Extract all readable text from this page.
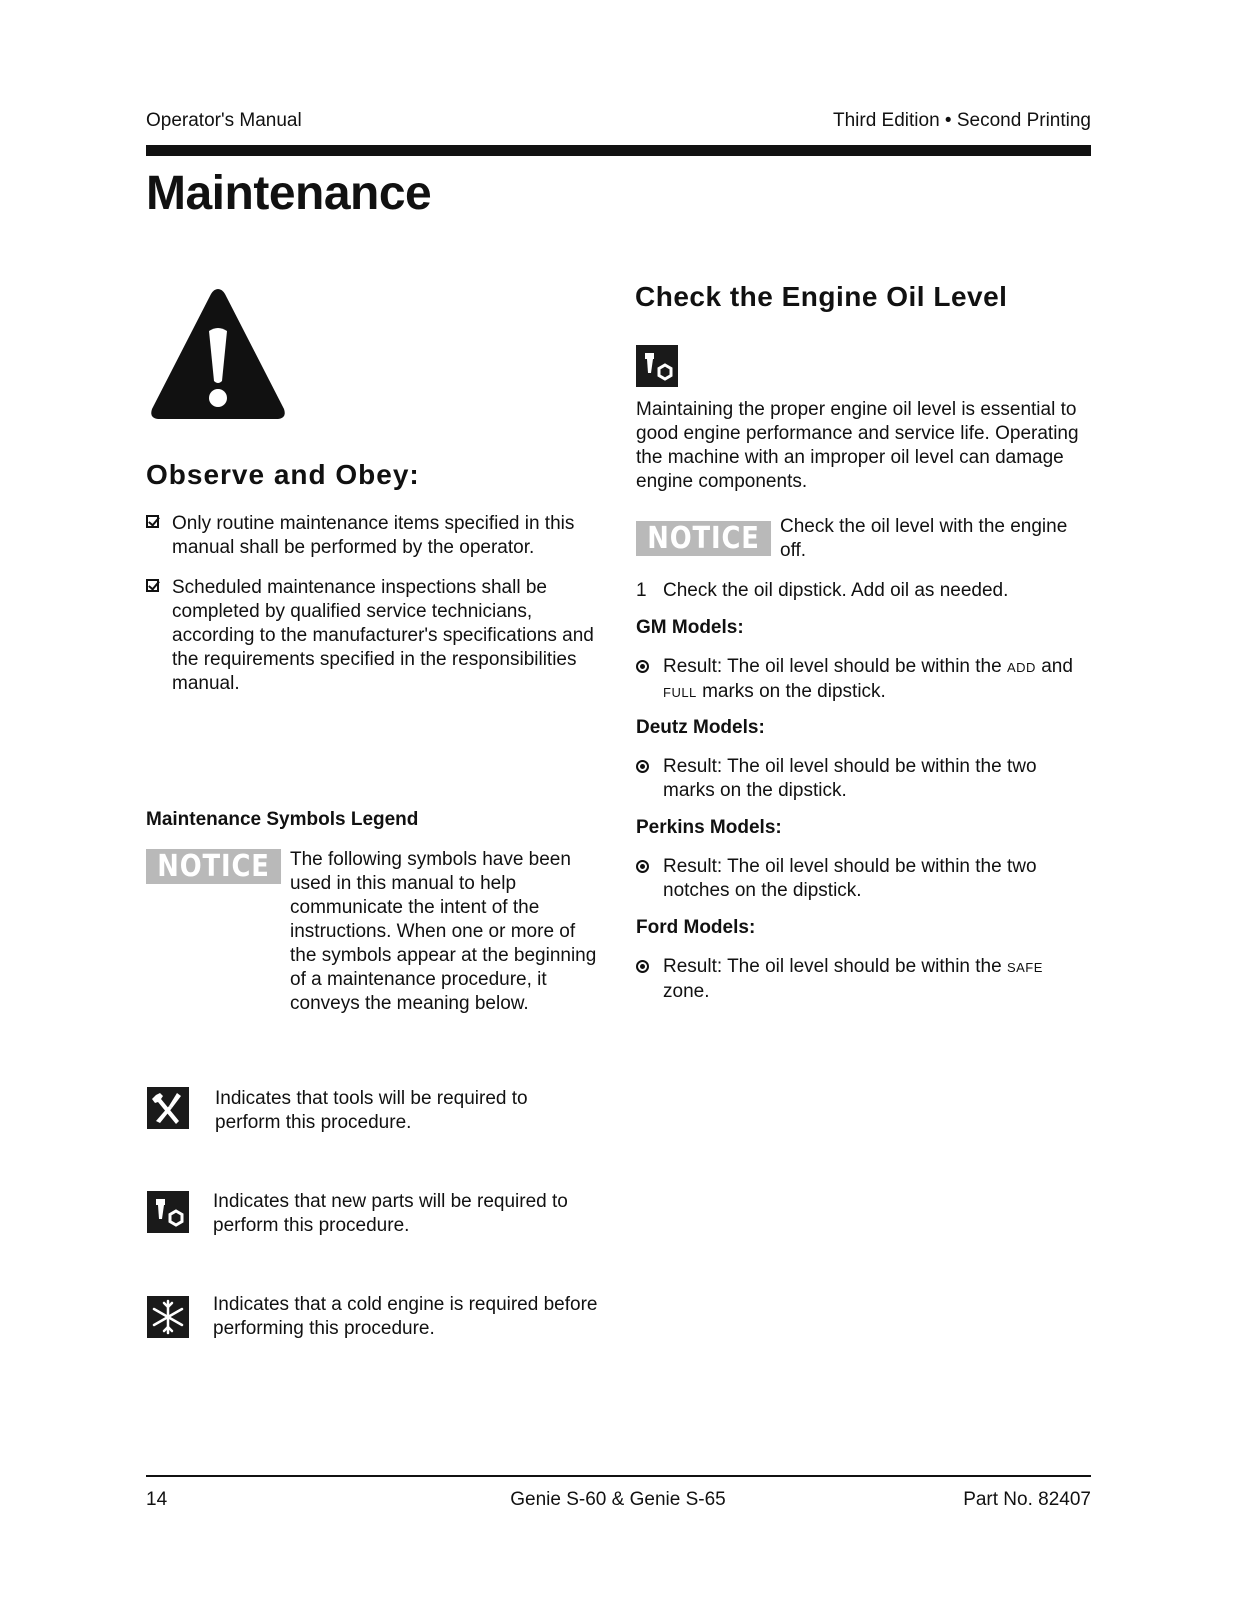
Operator's Manual	Third Edition • Second Printing
Maintenance
Observe and Obey:
Only routine maintenance items specified in this manual shall be performed by the operator.
Scheduled maintenance inspections shall be completed by qualified service technicians, according to the manufacturer's specifications and the requirements specified in the responsibilities manual.
Maintenance Symbols Legend
NOTICE	The following symbols have been used in this manual to help communicate the intent of the instructions. When one or more of the symbols appear at the beginning of a maintenance procedure, it conveys the meaning below.
Indicates that tools will be required to perform this procedure.
Indicates that new parts will be required to perform this procedure.
Indicates that a cold engine is required before performing this procedure.
Check the Engine Oil Level
Maintaining the proper engine oil level is essential to good engine performance and service life. Operating the machine with an improper oil level can damage engine components.
NOTICE	Check the oil level with the engine off.
1 Check the oil dipstick. Add oil as needed.
GM Models:
Result: The oil level should be within the ADD and
FULL marks on the dipstick.
Deutz Models:
Result: The oil level should be within the two marks on the dipstick.
Perkins Models:
Result: The oil level should be within the two notches on the dipstick.
Ford Models:
Result: The oil level should be within the SAFE
zone.
14	Genie S-60 & Genie S-65	Part No. 82407
